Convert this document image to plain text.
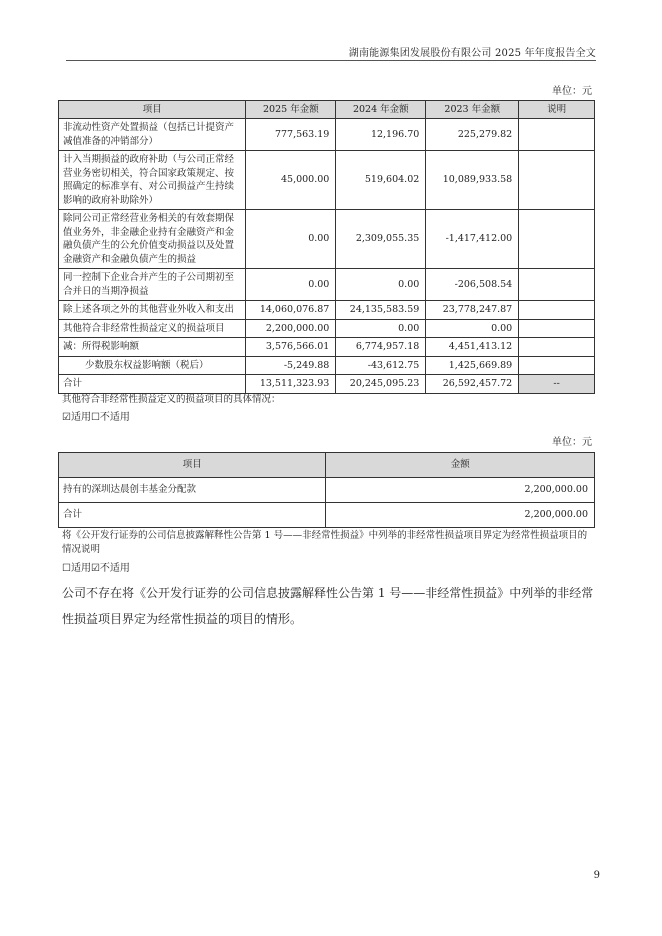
湖南能源集团发展股份有限公司 2025 年年度报告全文
单位：元
项目	2025 年金额	2024 年金额	2023 年金额	说明
非流动性资产处置损益（包括已计提资产减值准备的冲销部分）	777,563.19	12,196.70	225,279.82	
计入当期损益的政府补助（与公司正常经营业务密切相关，符合国家政策规定、按照确定的标准享有、对公司损益产生持续影响的政府补助除外）	45,000.00	519,604.02	10,089,933.58	
除同公司正常经营业务相关的有效套期保值业务外，非金融企业持有金融资产和金融负债产生的公允价值变动损益以及处置金融资产和金融负债产生的损益	0.00	2,309,055.35	-1,417,412.00	
同一控制下企业合并产生的子公司期初至合并日的当期净损益	0.00	0.00	-206,508.54	
除上述各项之外的其他营业外收入和支出	14,060,076.87	24,135,583.59	23,778,247.87	
其他符合非经常性损益定义的损益项目	2,200,000.00	0.00	0.00	
减：所得税影响额	3,576,566.01	6,774,957.18	4,451,413.12	
少数股东权益影响额（税后）	-5,249.88	-43,612.75	1,425,669.89	
合计	13,511,323.93	20,245,095.23	26,592,457.72	--
其他符合非经常性损益定义的损益项目的具体情况：
☑适用☐不适用
单位：元
项目	金额
持有的深圳达晨创丰基金分配款	2,200,000.00
合计	2,200,000.00
将《公开发行证券的公司信息披露解释性公告第 1 号——非经常性损益》中列举的非经常性损益项目界定为经常性损益项目的情况说明
☐适用☑不适用
公司不存在将《公开发行证券的公司信息披露解释性公告第 1 号——非经常性损益》中列举的非经常性损益项目界定为经常性损益的项目的情形。
9
